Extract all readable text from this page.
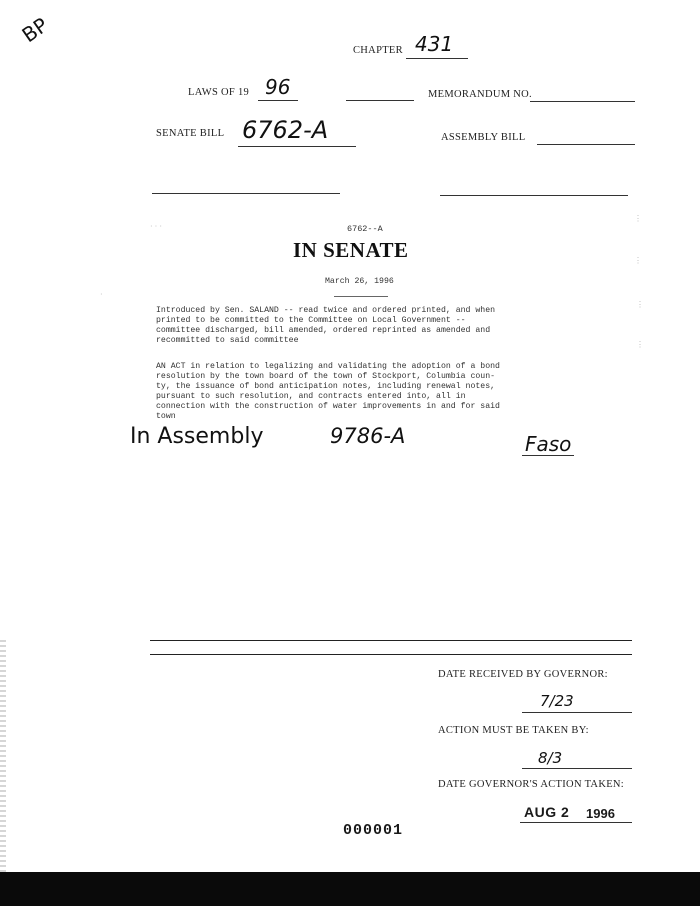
BP
CHAPTER 431
LAWS OF 19 96	MEMORANDUM NO.
SENATE BILL 6762-A	ASSEMBLY BILL
6762--A
IN SENATE
March 26, 1996
Introduced by Sen. SALAND -- read twice and ordered printed, and when
printed to be committed to the Committee on Local Government --
committee discharged, bill amended, ordered reprinted as amended and
recommitted to said committee
AN ACT in relation to legalizing and validating the adoption of a bond
resolution by the town board of the town of Stockport, Columbia coun-
ty, the issuance of bond anticipation notes, including renewal notes,
pursuant to such resolution, and contracts entered into, all in
connection with the construction of water improvements in and for said
town
·
⋮
⋮
⋮
⋮
· · ·
In Assembly	9786-A	Faso
DATE RECEIVED BY GOVERNOR:
7/23
ACTION MUST BE TAKEN BY:
8/3
DATE GOVERNOR'S ACTION TAKEN:
AUG 2 1996
000001
